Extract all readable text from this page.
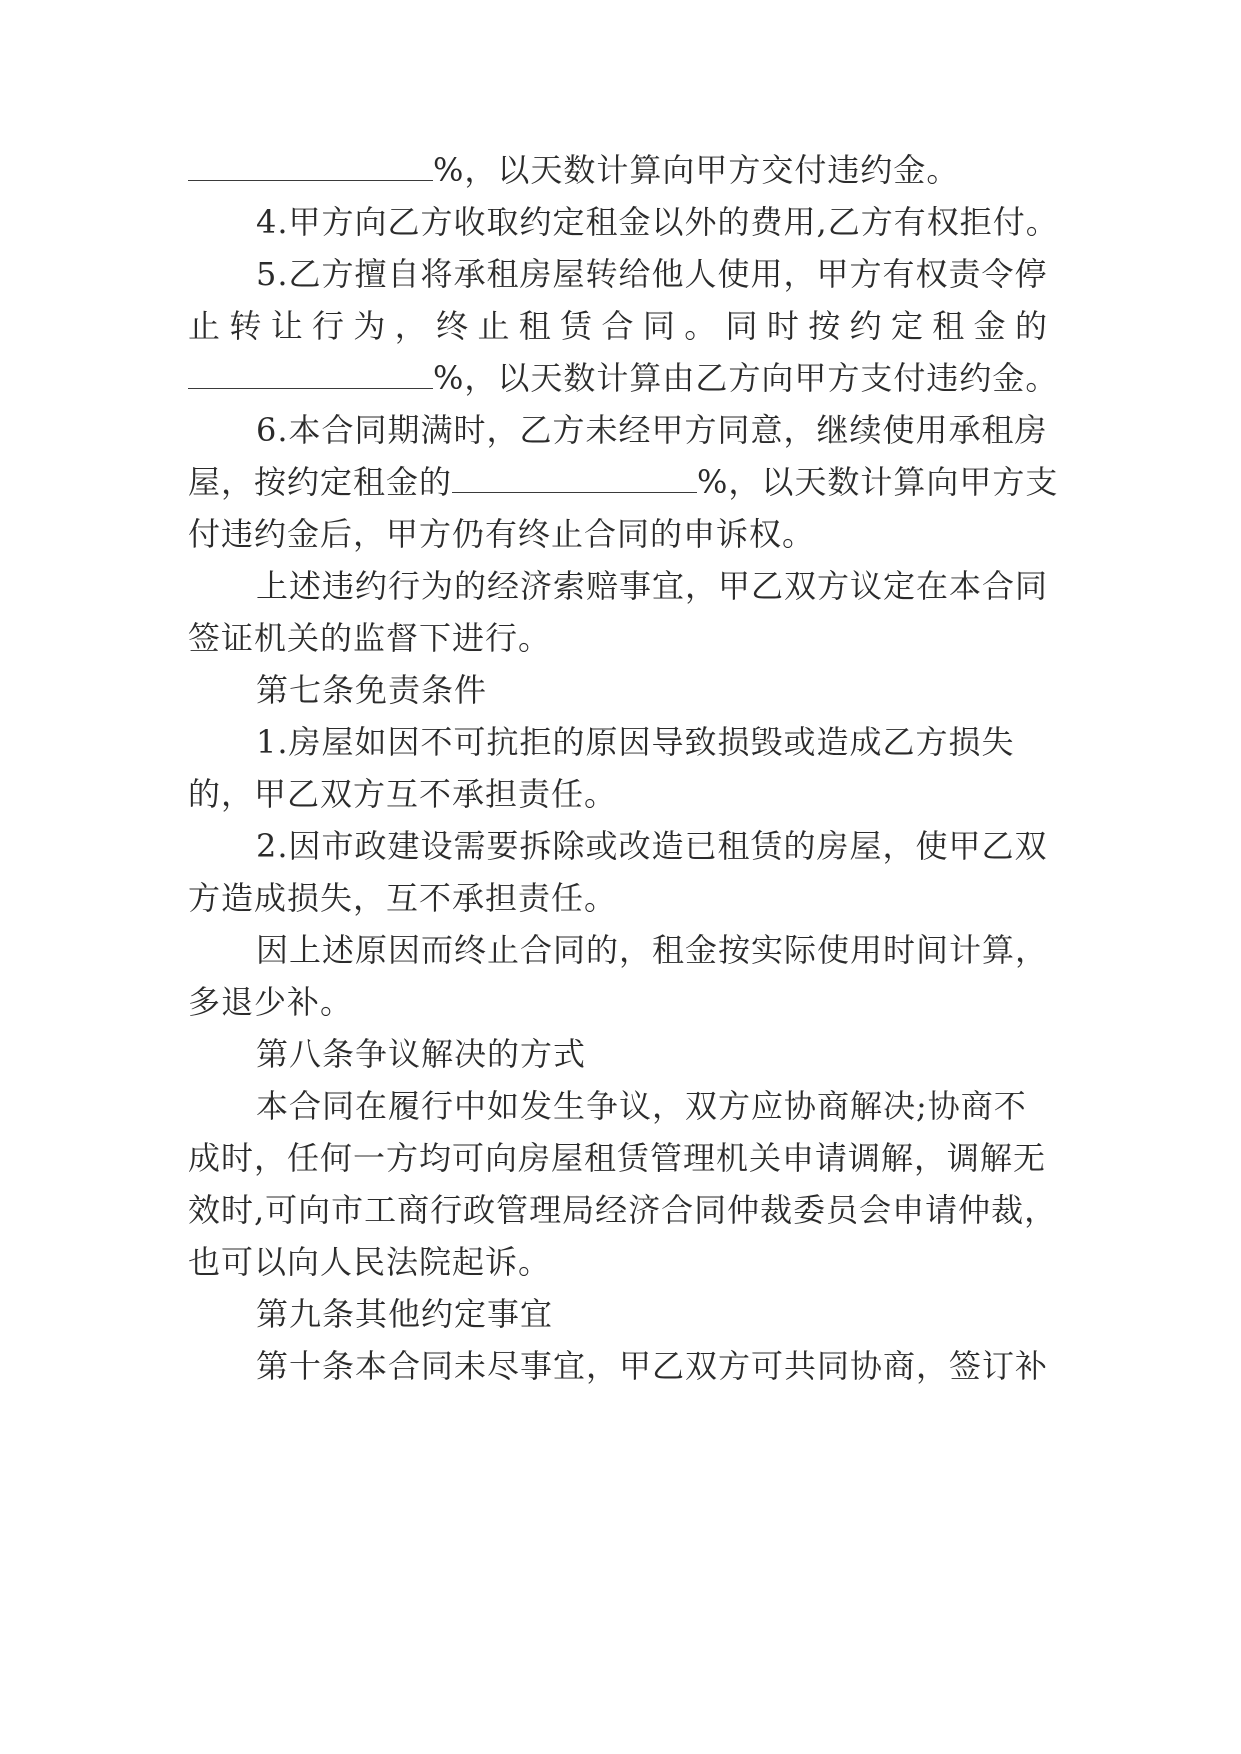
%，以天数计算向甲方交付违约金。
4.甲方向乙方收取约定租金以外的费用,乙方有权拒付。
5.乙方擅自将承租房屋转给他人使用，甲方有权责令停
止转让行为，终止租赁合同。同时按约定租金的
%，以天数计算由乙方向甲方支付违约金。
6.本合同期满时，乙方未经甲方同意，继续使用承租房
屋，按约定租金的	%，以天数计算向甲方支
付违约金后，甲方仍有终止合同的申诉权。
上述违约行为的经济索赔事宜，甲乙双方议定在本合同
签证机关的监督下进行。
第七条免责条件
1.房屋如因不可抗拒的原因导致损毁或造成乙方损失
的，甲乙双方互不承担责任。
2.因市政建设需要拆除或改造已租赁的房屋，使甲乙双
方造成损失，互不承担责任。
因上述原因而终止合同的，租金按实际使用时间计算，
多退少补。
第八条争议解决的方式
本合同在履行中如发生争议，双方应协商解决;协商不
成时，任何一方均可向房屋租赁管理机关申请调解，调解无
效时,可向市工商行政管理局经济合同仲裁委员会申请仲裁，
也可以向人民法院起诉。
第九条其他约定事宜
第十条本合同未尽事宜，甲乙双方可共同协商，签订补
